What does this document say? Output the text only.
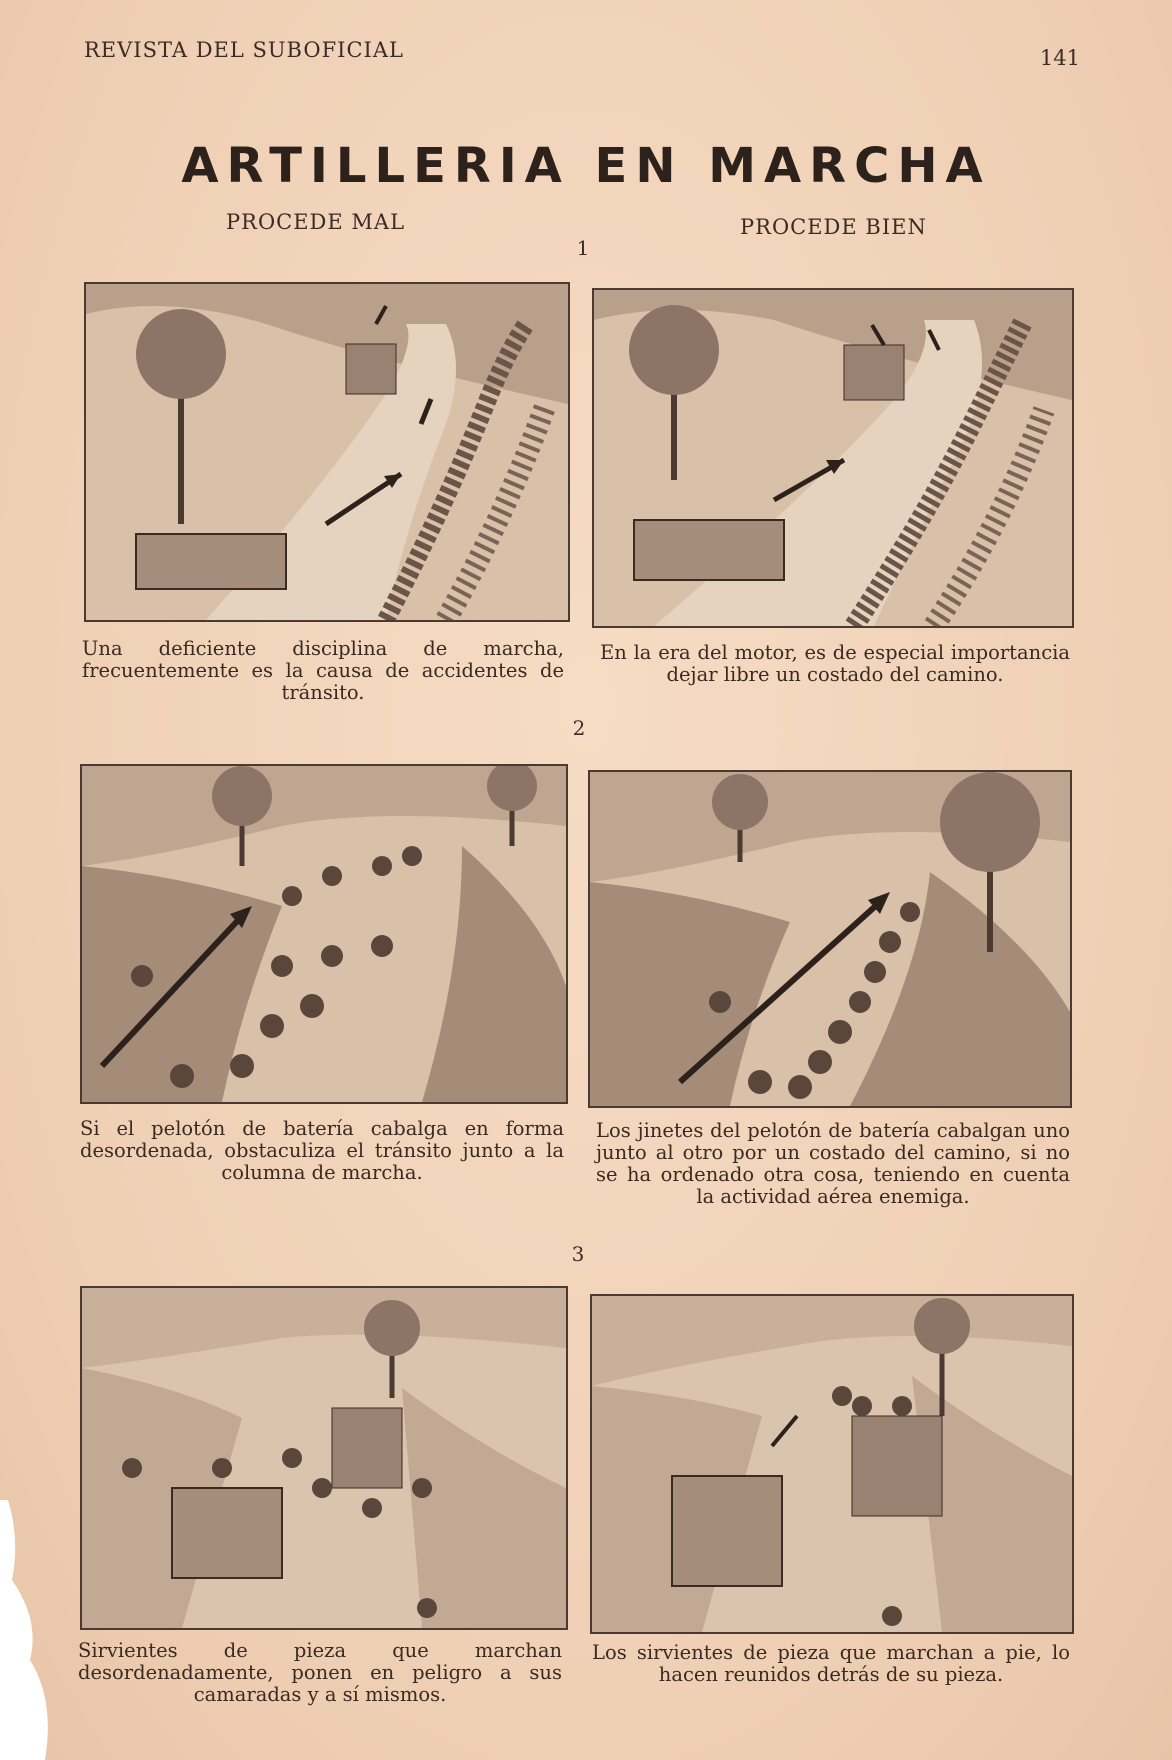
REVISTA DEL SUBOFICIAL	141
ARTILLERIA EN MARCHA
PROCEDE MAL	PROCEDE BIEN
1
Una deficiente disciplina de marcha, frecuentemente es la causa de accidentes de tránsito.
En la era del motor, es de especial importancia dejar libre un costado del camino.
2
Si el pelotón de batería cabalga en forma desordenada, obstaculiza el tránsito junto a la columna de marcha.
Los jinetes del pelotón de batería cabalgan uno junto al otro por un costado del camino, si no se ha ordenado otra cosa, teniendo en cuenta la actividad aérea enemiga.
3
Sirvientes de pieza que marchan desordenadamente, ponen en peligro a sus camaradas y a sí mismos.
Los sirvientes de pieza que marchan a pie, lo hacen reunidos detrás de su pieza.
